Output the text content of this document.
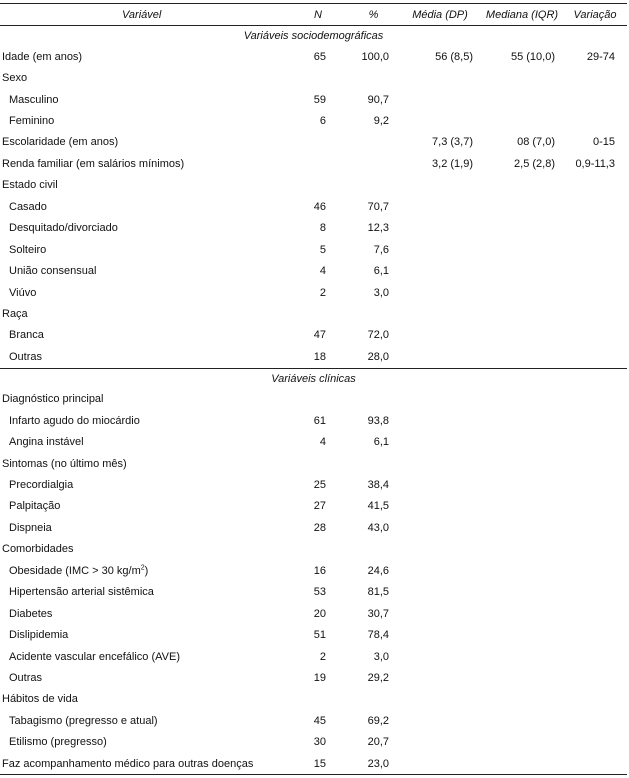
Variável	N	%	Média (DP)	Mediana (IQR)	Variação
Variáveis sociodemográficas					
Idade (em anos)	65	100,0	56 (8,5)	55 (10,0)	29-74
Sexo					
Masculino	59	90,7			
Feminino	6	9,2			
Escolaridade (em anos)			7,3 (3,7)	08 (7,0)	0-15
Renda familiar (em salários mínimos)			3,2 (1,9)	2,5 (2,8)	0,9-11,3
Estado civil					
Casado	46	70,7			
Desquitado/divorciado	8	12,3			
Solteiro	5	7,6			
União consensual	4	6,1			
Viúvo	2	3,0			
Raça					
Branca	47	72,0			
Outras	18	28,0			
Variáveis clínicas					
Diagnóstico principal					
Infarto agudo do miocárdio	61	93,8			
Angina instável	4	6,1			
Sintomas (no último mês)					
Precordialgia	25	38,4			
Palpitação	27	41,5			
Dispneia	28	43,0			
Comorbidades					
Obesidade (IMC > 30 $kg/m^2$)	16	24,6			
Hipertensão arterial sistêmica	53	81,5			
Diabetes	20	30,7			
Dislipidemia	51	78,4			
Acidente vascular encefálico (AVE)	2	3,0			
Outras	19	29,2			
Hábitos de vida					
Tabagismo (pregresso e atual)	45	69,2			
Etilismo (pregresso)	30	20,7			
Faz acompanhamento médico para outras doenças	15	23,0			
